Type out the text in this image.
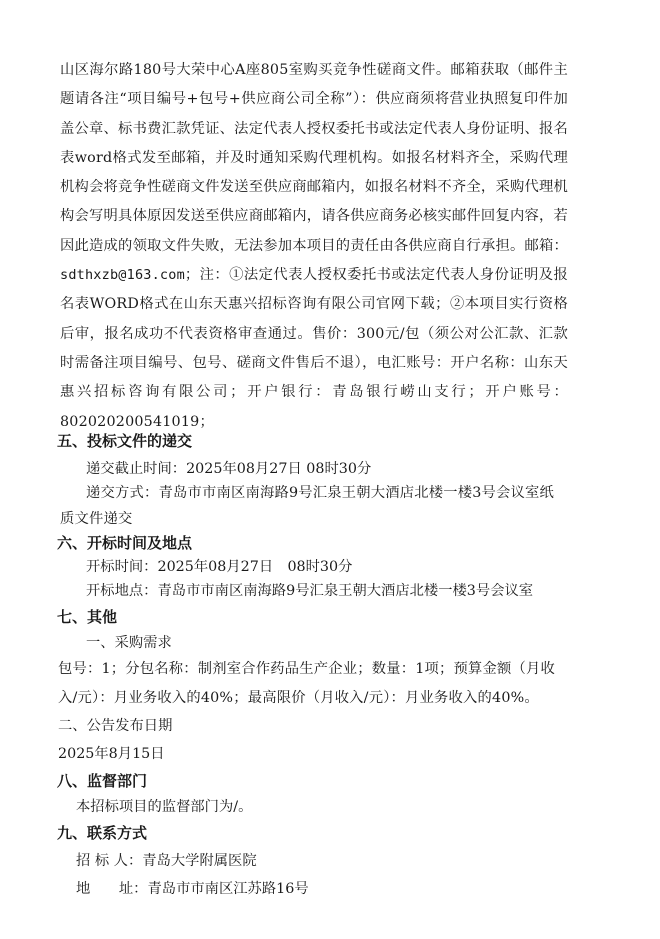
山区海尔路180号大荣中心A座805室购买竞争性磋商文件。邮箱获取（邮件主题请各注“项目编号+包号+供应商公司全称”）：供应商须将营业执照复印件加盖公章、标书费汇款凭证、法定代表人授权委托书或法定代表人身份证明、报名表word格式发至邮箱，并及时通知采购代理机构。如报名材料齐全，采购代理机构会将竞争性磋商文件发送至供应商邮箱内，如报名材料不齐全，采购代理机构会写明具体原因发送至供应商邮箱内，请各供应商务必核实邮件回复内容，若因此造成的领取文件失败，无法参加本项目的责任由各供应商自行承担。邮箱：sdthxzb@163.com；注：①法定代表人授权委托书或法定代表人身份证明及报名表WORD格式在山东天惠兴招标咨询有限公司官网下载；②本项目实行资格后审，报名成功不代表资格审查通过。售价：300元/包（须公对公汇款、汇款时需备注项目编号、包号、磋商文件售后不退），电汇账号：开户名称：山东天惠兴招标咨询有限公司；开户银行：青岛银行崂山支行；开户账号：802020200541019；
五、投标文件的递交
递交截止时间：2025年08月27日 08时30分
递交方式：青岛市市南区南海路9号汇泉王朝大酒店北楼一楼3号会议室纸质文件递交
六、开标时间及地点
开标时间：2025年08月27日　08时30分
开标地点：青岛市市南区南海路9号汇泉王朝大酒店北楼一楼3号会议室
七、其他
一、采购需求
包号：1；分包名称：制剂室合作药品生产企业；数量：1项；预算金额（月收入/元）：月业务收入的40%；最高限价（月收入/元）：月业务收入的40%。
二、公告发布日期
2025年8月15日
八、监督部门
本招标项目的监督部门为/。
九、联系方式
招 标 人：青岛大学附属医院
地　　址：青岛市市南区江苏路16号
